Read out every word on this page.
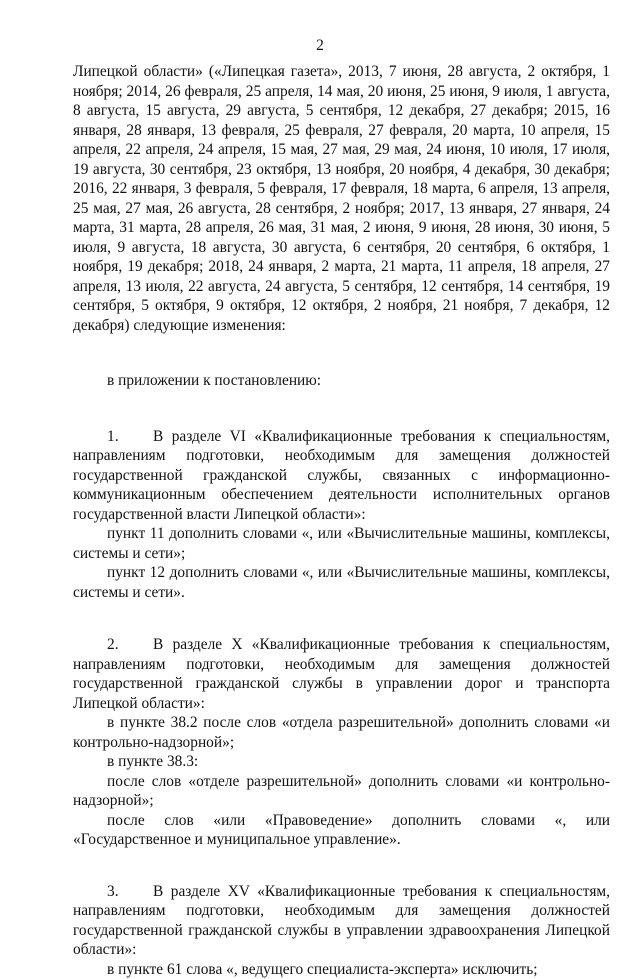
2

Липецкой области» («Липецкая газета», 2013, 7 июня, 28 августа, 2 октября, 1 ноября; 2014, 26 февраля, 25 апреля, 14 мая, 20 июня, 25 июня, 9 июля, 1 августа, 8 августа, 15 августа, 29 августа, 5 сентября, 12 декабря, 27 декабря; 2015, 16 января, 28 января, 13 февраля, 25 февраля, 27 февраля, 20 марта, 10 апреля, 15 апреля, 22 апреля, 24 апреля, 15 мая, 27 мая, 29 мая, 24 июня, 10 июля, 17 июля, 19 августа, 30 сентября, 23 октября, 13 ноября, 20 ноября, 4 декабря, 30 декабря; 2016, 22 января, 3 февраля, 5 февраля, 17 февраля, 18 марта, 6 апреля, 13 апреля, 25 мая, 27 мая, 26 августа, 28 сентября, 2 ноября; 2017, 13 января, 27 января, 24 марта, 31 марта, 28 апреля, 26 мая, 31 мая, 2 июня, 9 июня, 28 июня, 30 июня, 5 июля, 9 августа, 18 августа, 30 августа, 6 сентября, 20 сентября, 6 октября, 1 ноября, 19 декабря; 2018, 24 января, 2 марта, 21 марта, 11 апреля, 18 апреля, 27 апреля, 13 июля, 22 августа, 24 августа, 5 сентября, 12 сентября, 14 сентября, 19 сентября, 5 октября, 9 октября, 12 октября, 2 ноября, 21 ноября, 7 декабря, 12 декабря) следующие изменения:

в приложении к постановлению:

1. В разделе VI «Квалификационные требования к специальностям, направлениям подготовки, необходимым для замещения должностей государственной гражданской службы, связанных с информационно-коммуникационным обеспечением деятельности исполнительных органов государственной власти Липецкой области»:

пункт 11 дополнить словами «, или «Вычислительные машины, комплексы, системы и сети»;

пункт 12 дополнить словами «, или «Вычислительные машины, комплексы, системы и сети».

2. В разделе X «Квалификационные требования к специальностям, направлениям подготовки, необходимым для замещения должностей государственной гражданской службы в управлении дорог и транспорта Липецкой области»:

в пункте 38.2 после слов «отдела разрешительной» дополнить словами «и контрольно-надзорной»;

в пункте 38.3:

после слов «отделе разрешительной» дополнить словами «и контрольно-надзорной»;

после слов «или «Правоведение» дополнить словами «, или «Государственное и муниципальное управление».

3. В разделе XV «Квалификационные требования к специальностям, направлениям подготовки, необходимым для замещения должностей государственной гражданской службы в управлении здравоохранения Липецкой области»:

в пункте 61 слова «, ведущего специалиста-эксперта» исключить;
